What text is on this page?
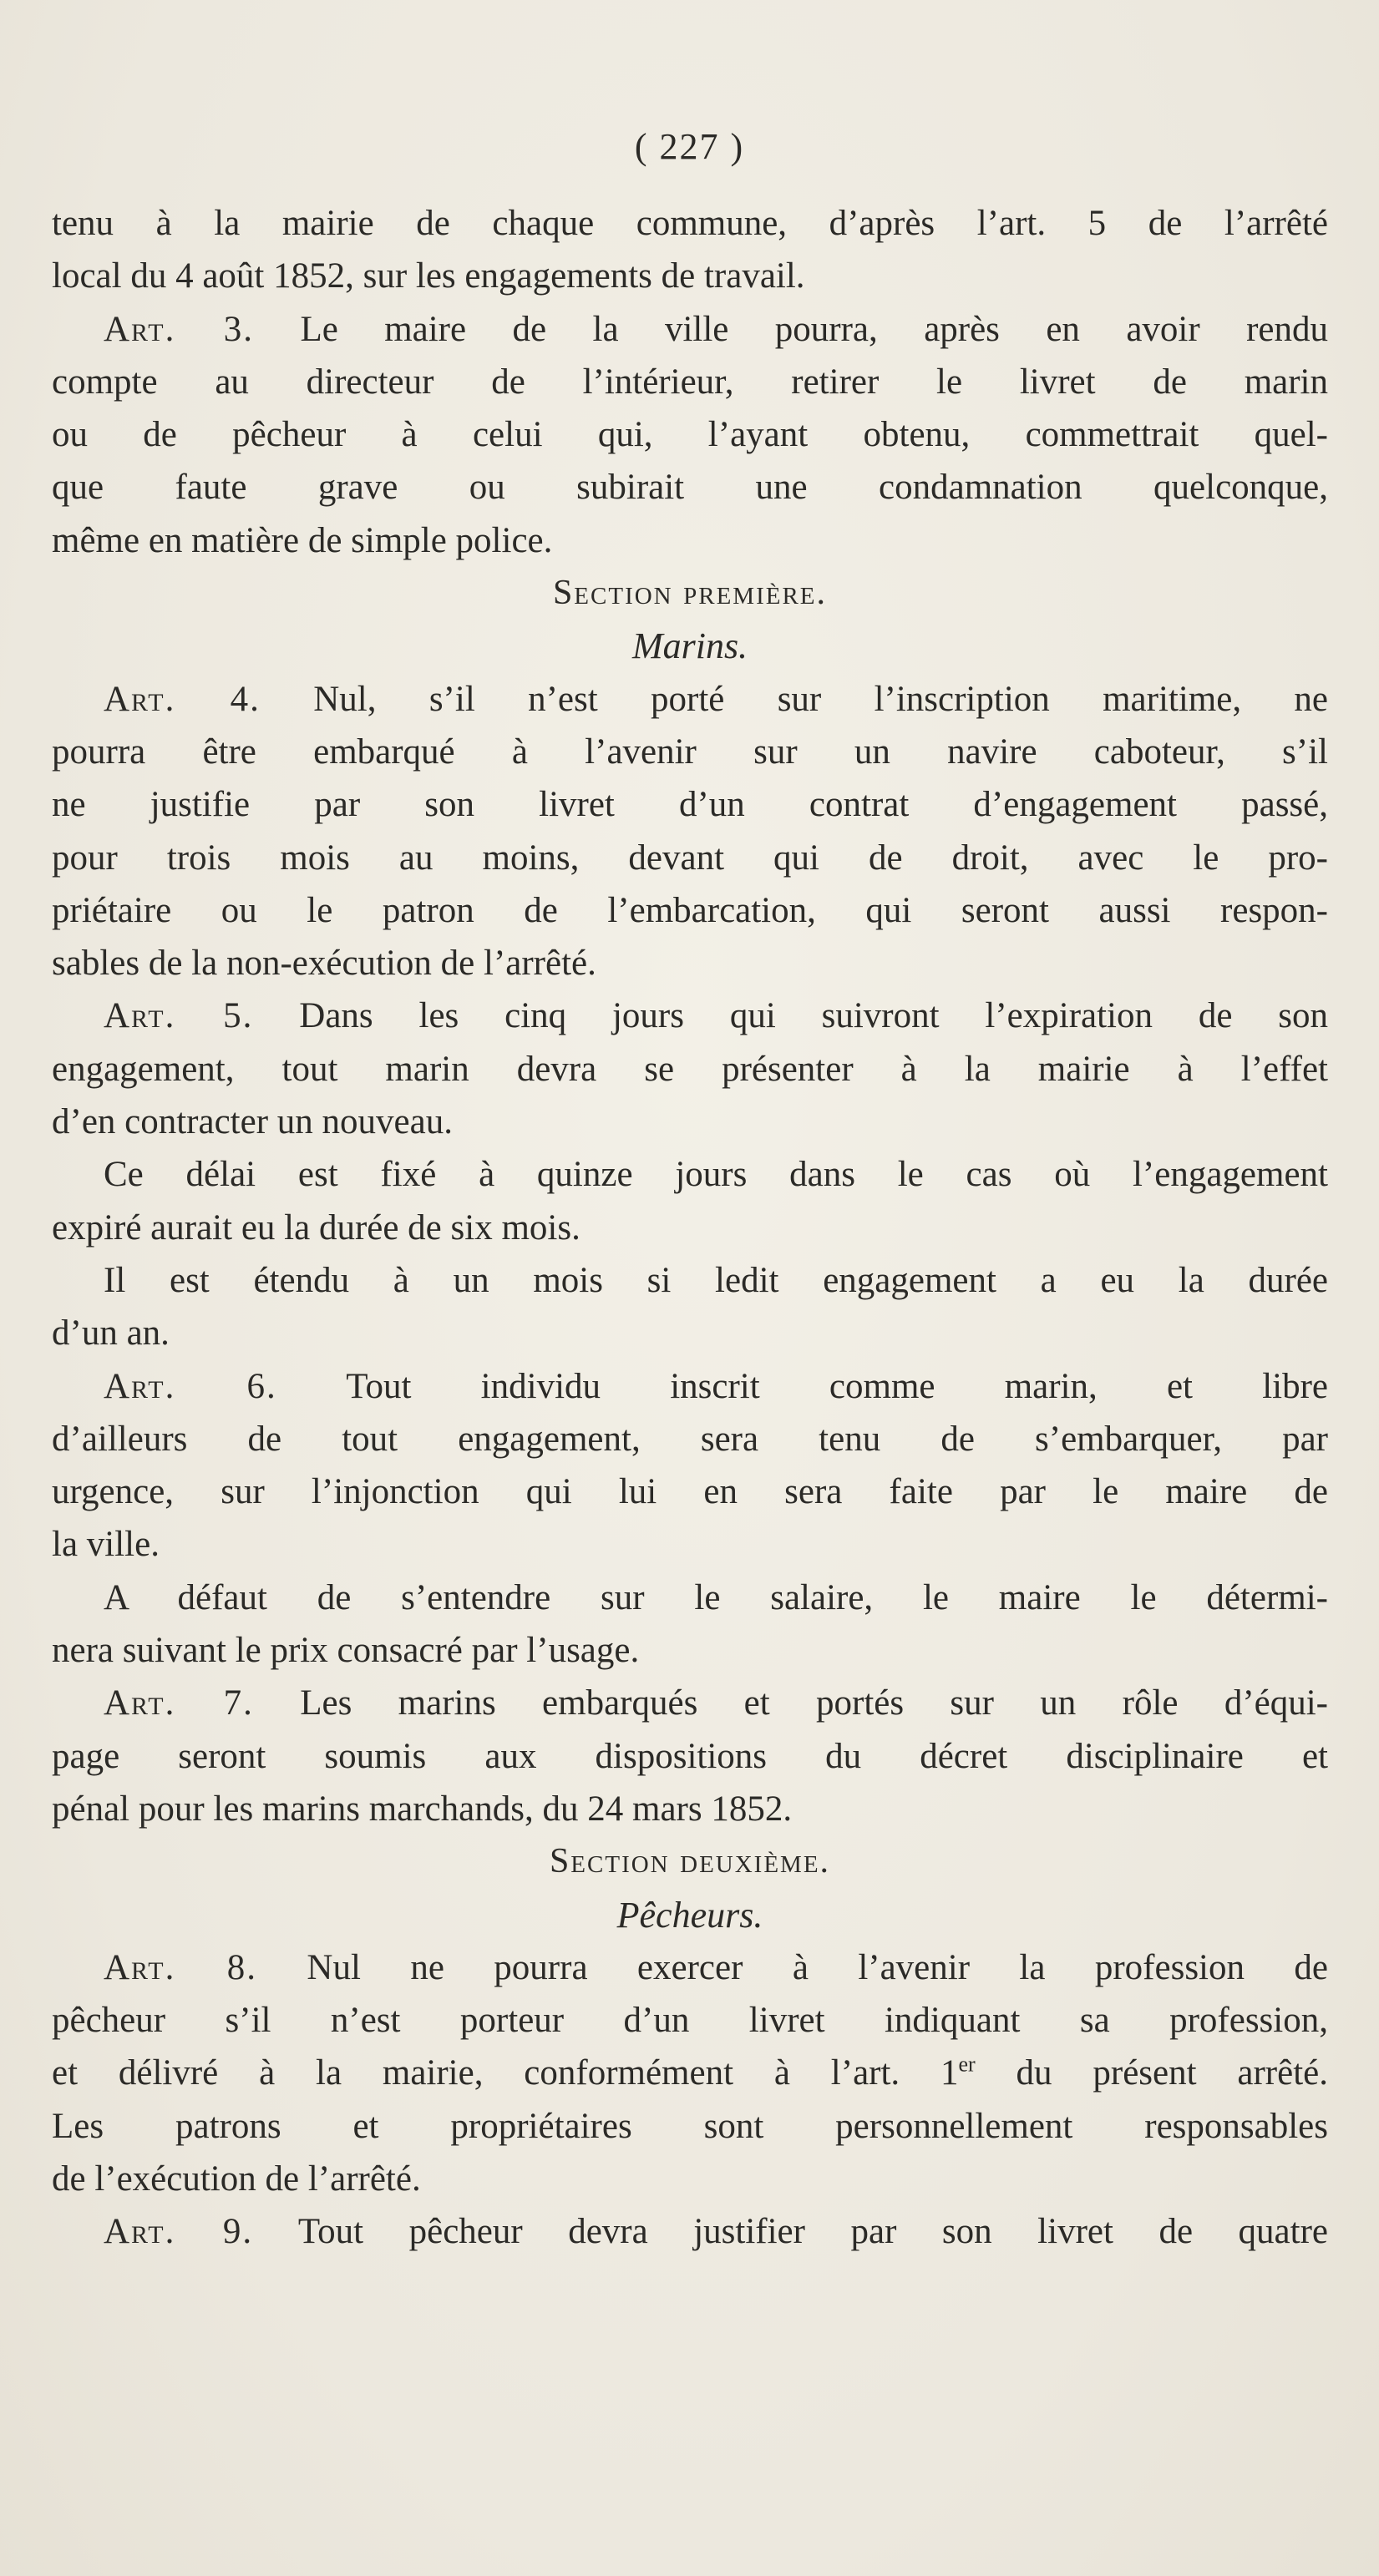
( 227 )
tenu à la mairie de chaque commune, d’après l’art. 5 de l’arrêté
local du 4 août 1852, sur les engagements de travail.
Art. 3. Le maire de la ville pourra, après en avoir rendu
compte au directeur de l’intérieur, retirer le livret de marin
ou de pêcheur à celui qui, l’ayant obtenu, commettrait quel-
que faute grave ou subirait une condamnation quelconque,
même en matière de simple police.
Section première.
Marins.
Art. 4. Nul, s’il n’est porté sur l’inscription maritime, ne
pourra être embarqué à l’avenir sur un navire caboteur, s’il
ne justifie par son livret d’un contrat d’engagement passé,
pour trois mois au moins, devant qui de droit, avec le pro-
priétaire ou le patron de l’embarcation, qui seront aussi respon-
sables de la non-exécution de l’arrêté.
Art. 5. Dans les cinq jours qui suivront l’expiration de son
engagement, tout marin devra se présenter à la mairie à l’effet
d’en contracter un nouveau.
Ce délai est fixé à quinze jours dans le cas où l’engagement
expiré aurait eu la durée de six mois.
Il est étendu à un mois si ledit engagement a eu la durée
d’un an.
Art. 6. Tout individu inscrit comme marin, et libre
d’ailleurs de tout engagement, sera tenu de s’embarquer, par
urgence, sur l’injonction qui lui en sera faite par le maire de
la ville.
A défaut de s’entendre sur le salaire, le maire le détermi-
nera suivant le prix consacré par l’usage.
Art. 7. Les marins embarqués et portés sur un rôle d’équi-
page seront soumis aux dispositions du décret disciplinaire et
pénal pour les marins marchands, du 24 mars 1852.
Section deuxième.
Pêcheurs.
Art. 8. Nul ne pourra exercer à l’avenir la profession de
pêcheur s’il n’est porteur d’un livret indiquant sa profession,
et délivré à la mairie, conformément à l’art. 1er du présent arrêté.
Les patrons et propriétaires sont personnellement responsables
de l’exécution de l’arrêté.
Art. 9. Tout pêcheur devra justifier par son livret de quatre
